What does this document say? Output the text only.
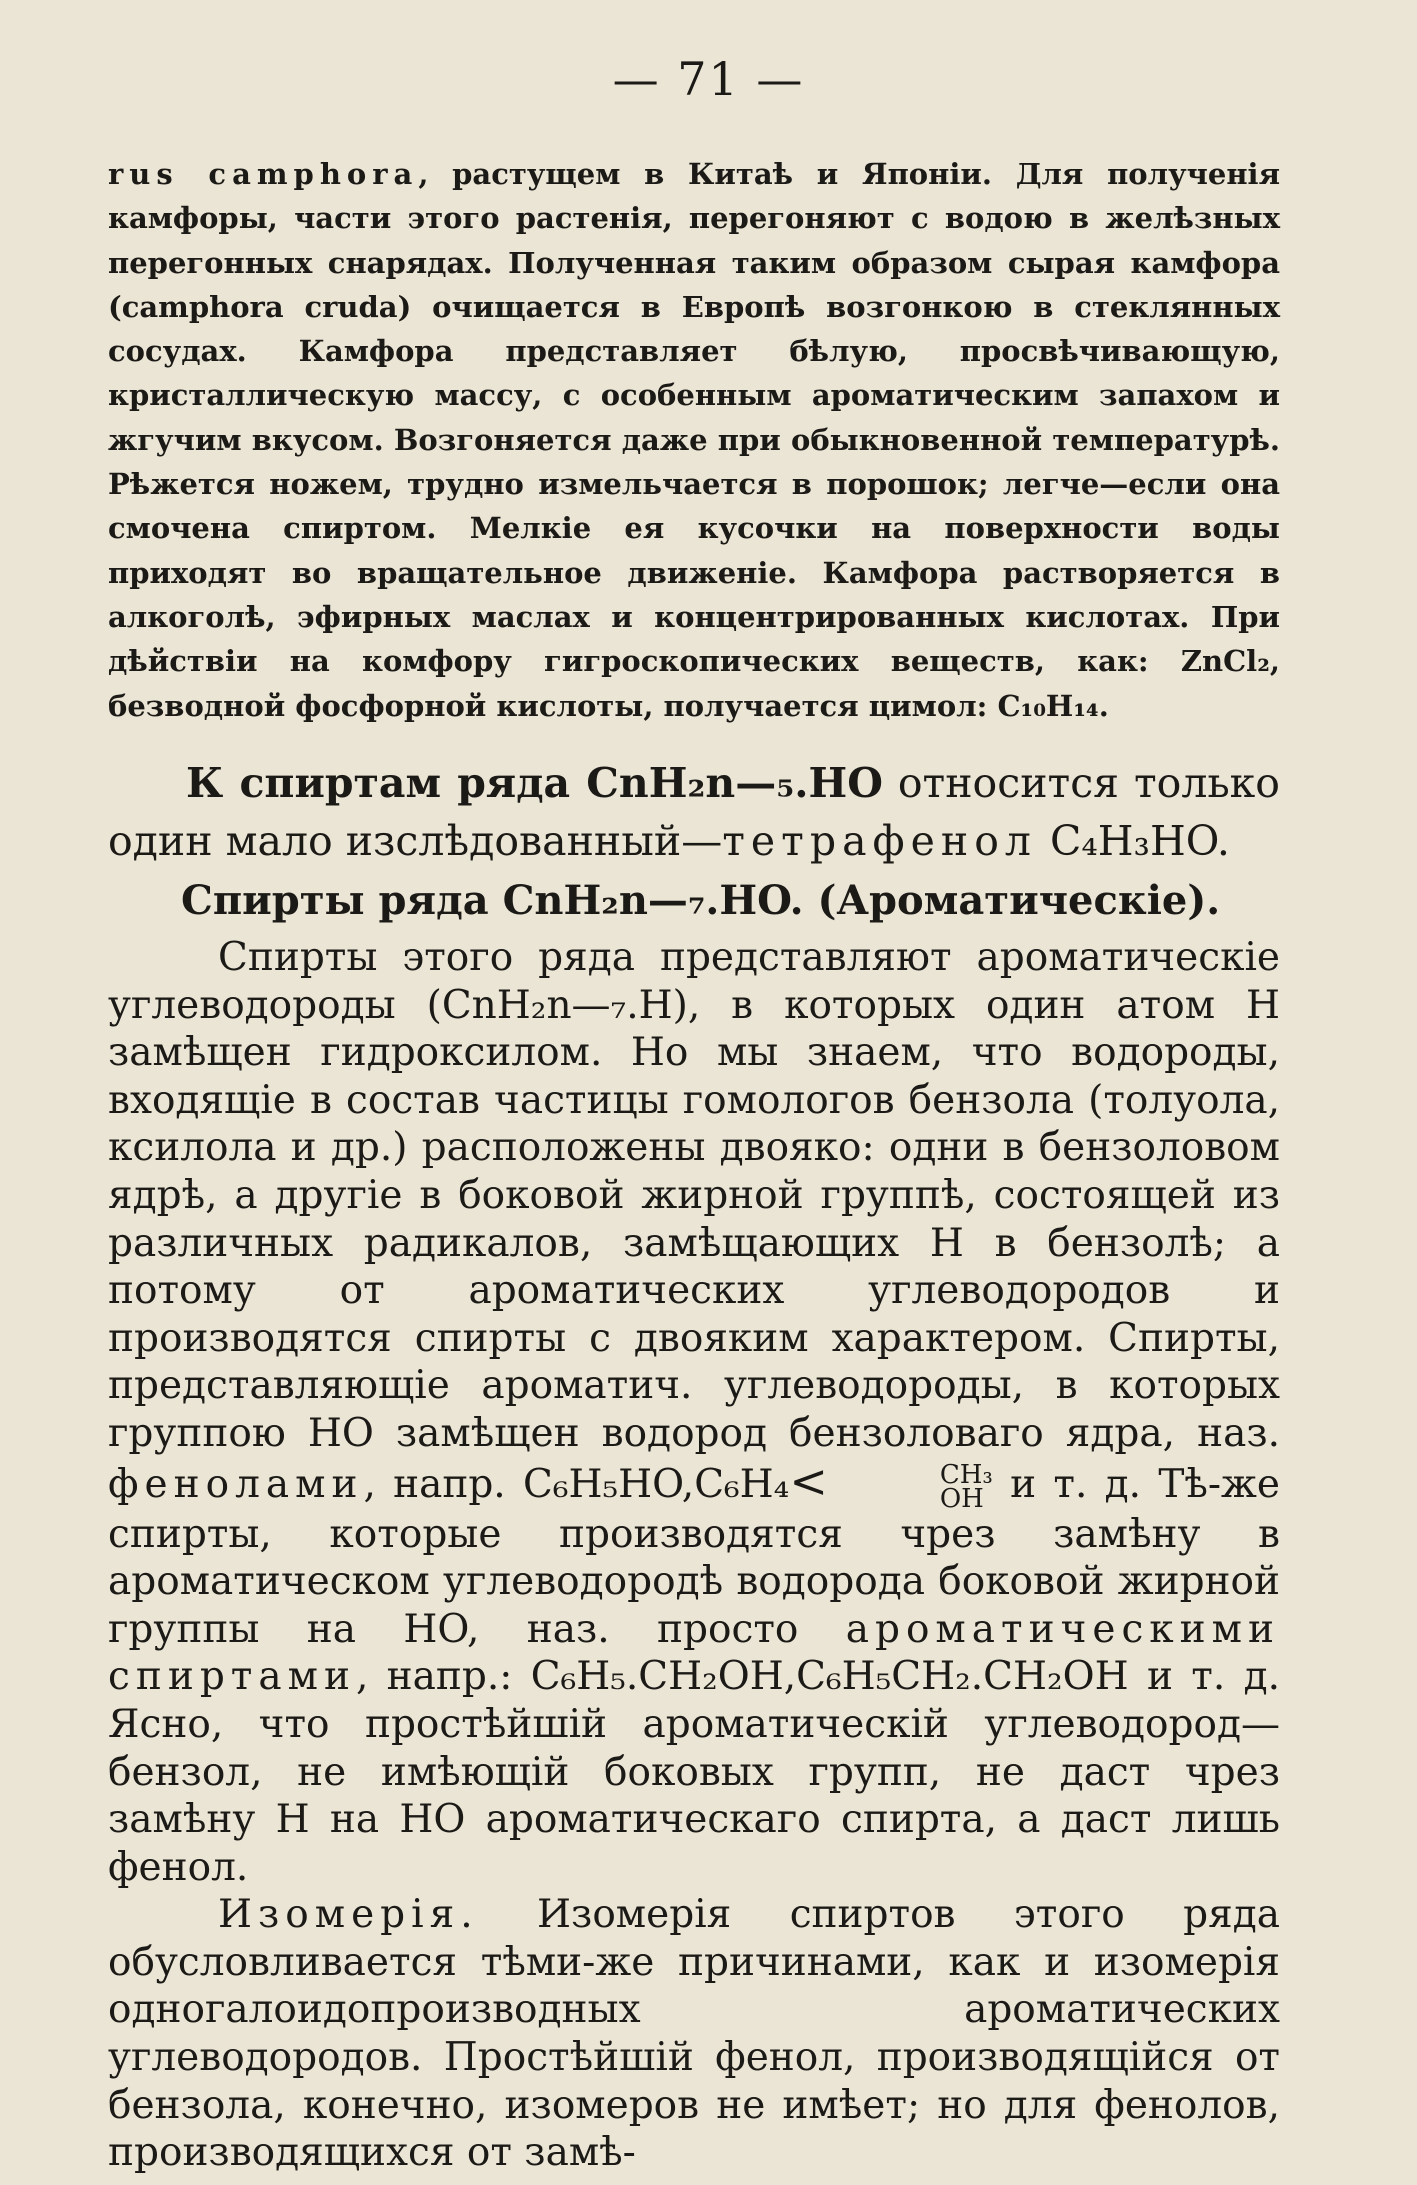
— 71 —

rus camphora, растущем в Китаѣ и Японіи. Для полученія камфоры, части этого растенія, перегоняют с водою в желѣзных перегонных снарядах. Полученная таким образом сырая камфора (camphora cruda) очищается в Европѣ возгонкою в стеклянных сосудах. Камфора представляет бѣлую, просвѣчивающую, кристаллическую массу, с особенным ароматическим запахом и жгучим вкусом. Возгоняется даже при обыкновенной температурѣ. Рѣжется ножем, трудно измельчается в порошок; легче—если она смочена спиртом. Мелкіе ея кусочки на поверхности воды приходят во вращательное движеніе. Камфора растворяется в алкоголѣ, эфирных маслах и концентрированных кислотах. При дѣйствіи на комфору гигроскопических веществ, как: ZnCl₂, безводной фосфорной кислоты, получается цимол: C₁₀H₁₄.

К спиртам ряда CnH₂n—₅.HO относится только один мало изслѣдованный—тетрафенол C₄H₃HO.
Спирты ряда CnH₂n—₇.HO. (Ароматическіе).

Спирты этого ряда представляют ароматическіе углеводороды (CnH₂n—₇.H), в которых один атом H замѣщен гидроксилом. Но мы знаем, что водороды, входящіе в состав частицы гомологов бензола (толуола, ксилола и др.) расположены двояко: одни в бензоловом ядрѣ, а другіе в боковой жирной группѣ, состоящей из различных радикалов, замѣщающих H в бензолѣ; а потому от ароматических углеводородов и производятся спирты с двояким характером. Спирты, представляющіе ароматич. углеводороды, в которых группою HO замѣщен водород бензоловаго ядра, наз. фенолами, напр. C₆H₅HO,C₆H₄<	CH₃
OH и т. д. Тѣ-же спирты, которые производятся чрез замѣну в ароматическом углеводородѣ водорода боковой жирной группы на HO, наз. просто ароматическими спиртами, напр.: C₆H₅.CH₂OH,C₆H₅CH₂.CH₂OH и т. д. Ясно, что простѣйшій ароматическій углеводород—бензол, не имѣющій боковых групп, не даст чрез замѣну H на HO ароматическаго спирта, а даст лишь фенол.

Изомерія. Изомерія спиртов этого ряда обусловливается тѣми-же причинами, как и изомерія одногалоидопроизводных ароматических углеводородов. Простѣйшій фенол, производящійся от бензола, конечно, изомеров не имѣет; но для фенолов, производящихся от замѣ-
